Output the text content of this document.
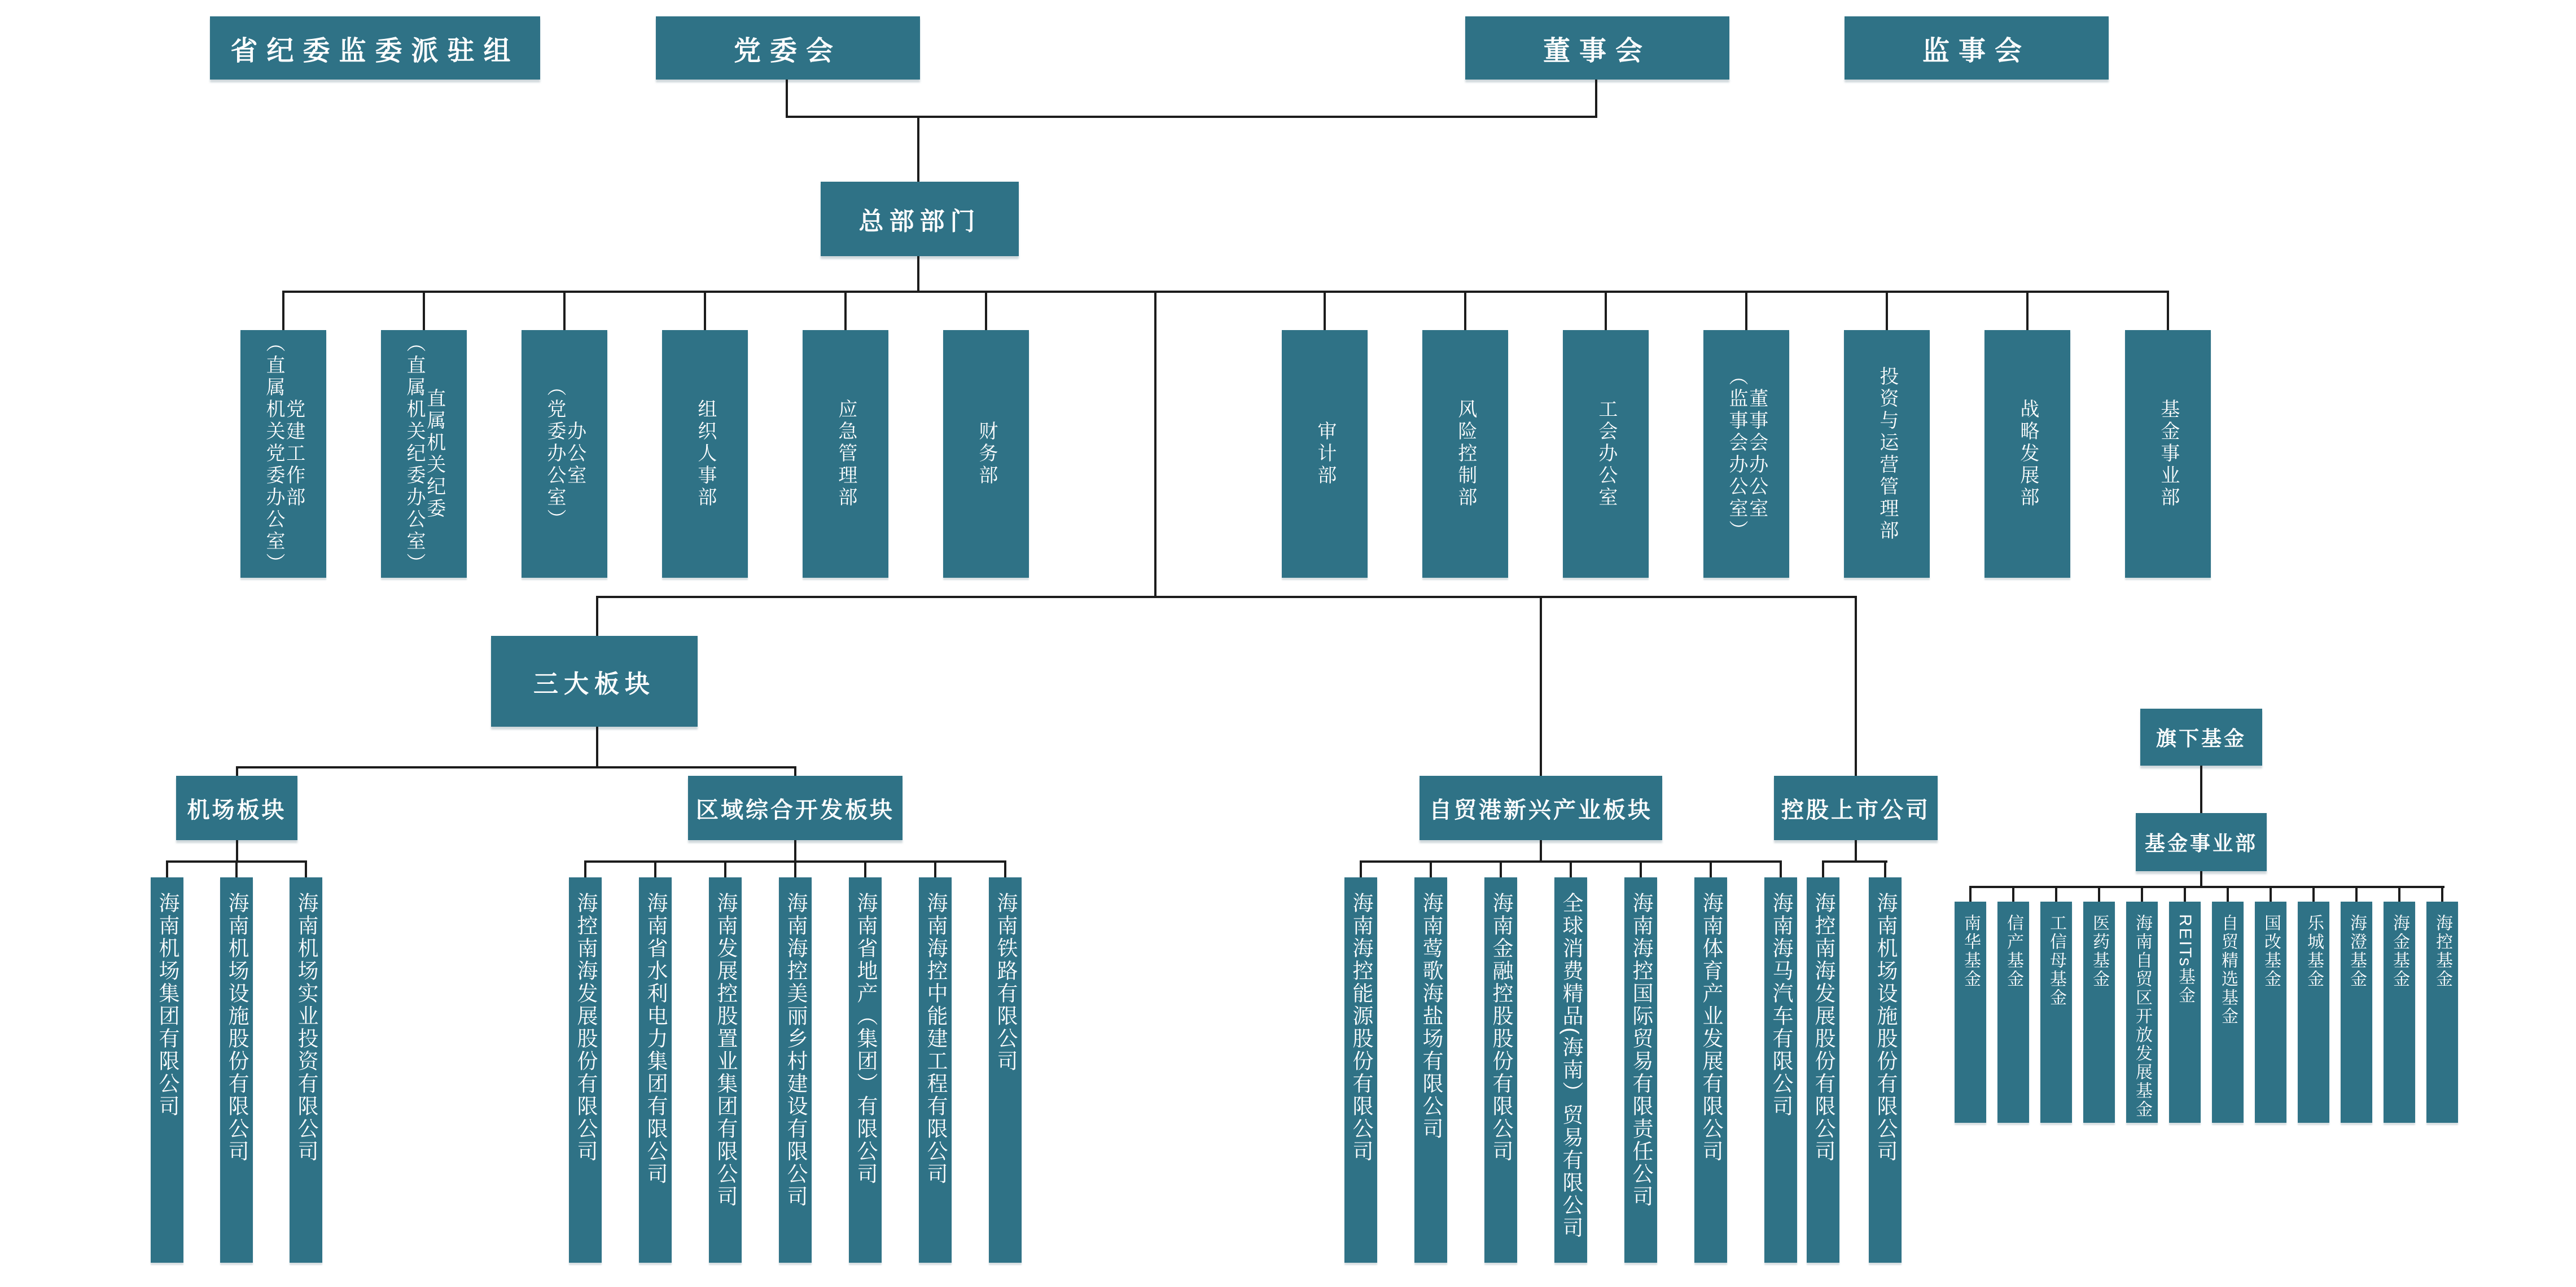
省纪委监委派驻组	党委会	董事会	监事会
总部部门
三大板块
机场板块	区域综合开发板块	自贸港新兴产业板块	控股上市公司
旗下基金
基金事业部
党建工作部
（直属机关党委办公室）	直属机关纪委
（直属机关纪委办公室）	办公室
（党委办公室）	组织人事部	应急管理部	财务部	审计部	风险控制部	工会办公室	董事会办公室
（监事会办公室）	投资与运营管理部	战略发展部	基金事业部
海南机场集团有限公司 海南机场设施股份有限公司 海南机场实业投资有限公司	海控南海发展股份有限公司 海南省水利电力集团有限公司 海南发展控股置业集团有限公司 海南海控美丽乡村建设有限公司 海南省地产（集团）有限公司 海南海控中能建工程有限公司 海南铁路有限公司	海南海控能源股份有限公司 海南莺歌海盐场有限公司 海南金融控股股份有限公司 全球消费精品(海南）贸易有限公司 海南海控国际贸易有限责任公司 海南体育产业发展有限公司 海南海马汽车有限公司 海控南海发展股份有限公司 海南机场设施股份有限公司	南华基金 信产基金 工信母基金 医药基金 海南自贸区开放发展基金 REITs基金 自贸精选基金 国改基金 乐城基金 海澄基金 海金基金 海控基金
